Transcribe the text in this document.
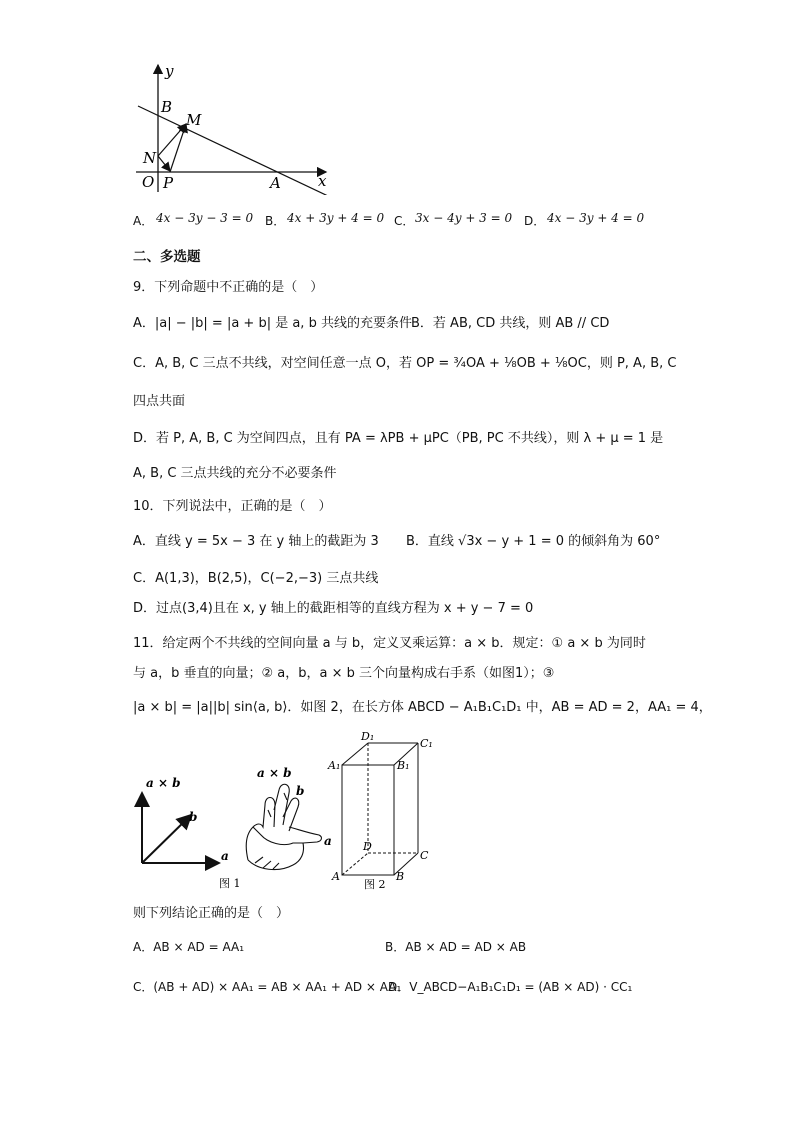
y
x
B
M
N
O P	A
A． 4x − 3y − 3 = 0 B． 4x + 3y + 4 = 0 C． 3x − 4y + 3 = 0 D． 4x − 3y + 4 = 0
二、多选题
9．下列命题中不正确的是（　）
A．|a| − |b| = |a + b| 是 a, b 共线的充要条件 B．若 AB, CD 共线，则 AB // CD
C．A, B, C 三点不共线，对空间任意一点 O，若 OP = ¾OA + ⅛OB + ⅛OC，则 P, A, B, C
四点共面
D．若 P, A, B, C 为空间四点，且有 PA = λPB + μPC（PB, PC 不共线），则 λ + μ = 1 是
A, B, C 三点共线的充分不必要条件
10．下列说法中，正确的是（　）
A．直线 y = 5x − 3 在 y 轴上的截距为 3 B．直线 √3x − y + 1 = 0 的倾斜角为 60°
C．A(1,3)，B(2,5)，C(−2,−3) 三点共线
D．过点(3,4)且在 x, y 轴上的截距相等的直线方程为 x + y − 7 = 0
11．给定两个不共线的空间向量 a 与 b，定义叉乘运算：a × b．规定：① a × b 为同时
与 a，b 垂直的向量；② a，b，a × b 三个向量构成右手系（如图1）；③
|a × b| = |a||b| sin⟨a, b⟩．如图 2，在长方体 ABCD − A₁B₁C₁D₁ 中，AB = AD = 2，AA₁ = 4，
a × b
b
a
图 1
a × b
b
a
D₁
C₁
A₁	B₁
D
C
A	B
图 2
则下列结论正确的是（　）
A．AB × AD = AA₁	B．AB × AD = AD × AB
C．(AB + AD) × AA₁ = AB × AA₁ + AD × AA₁
D．V_ABCD−A₁B₁C₁D₁ = (AB × AD) · CC₁
